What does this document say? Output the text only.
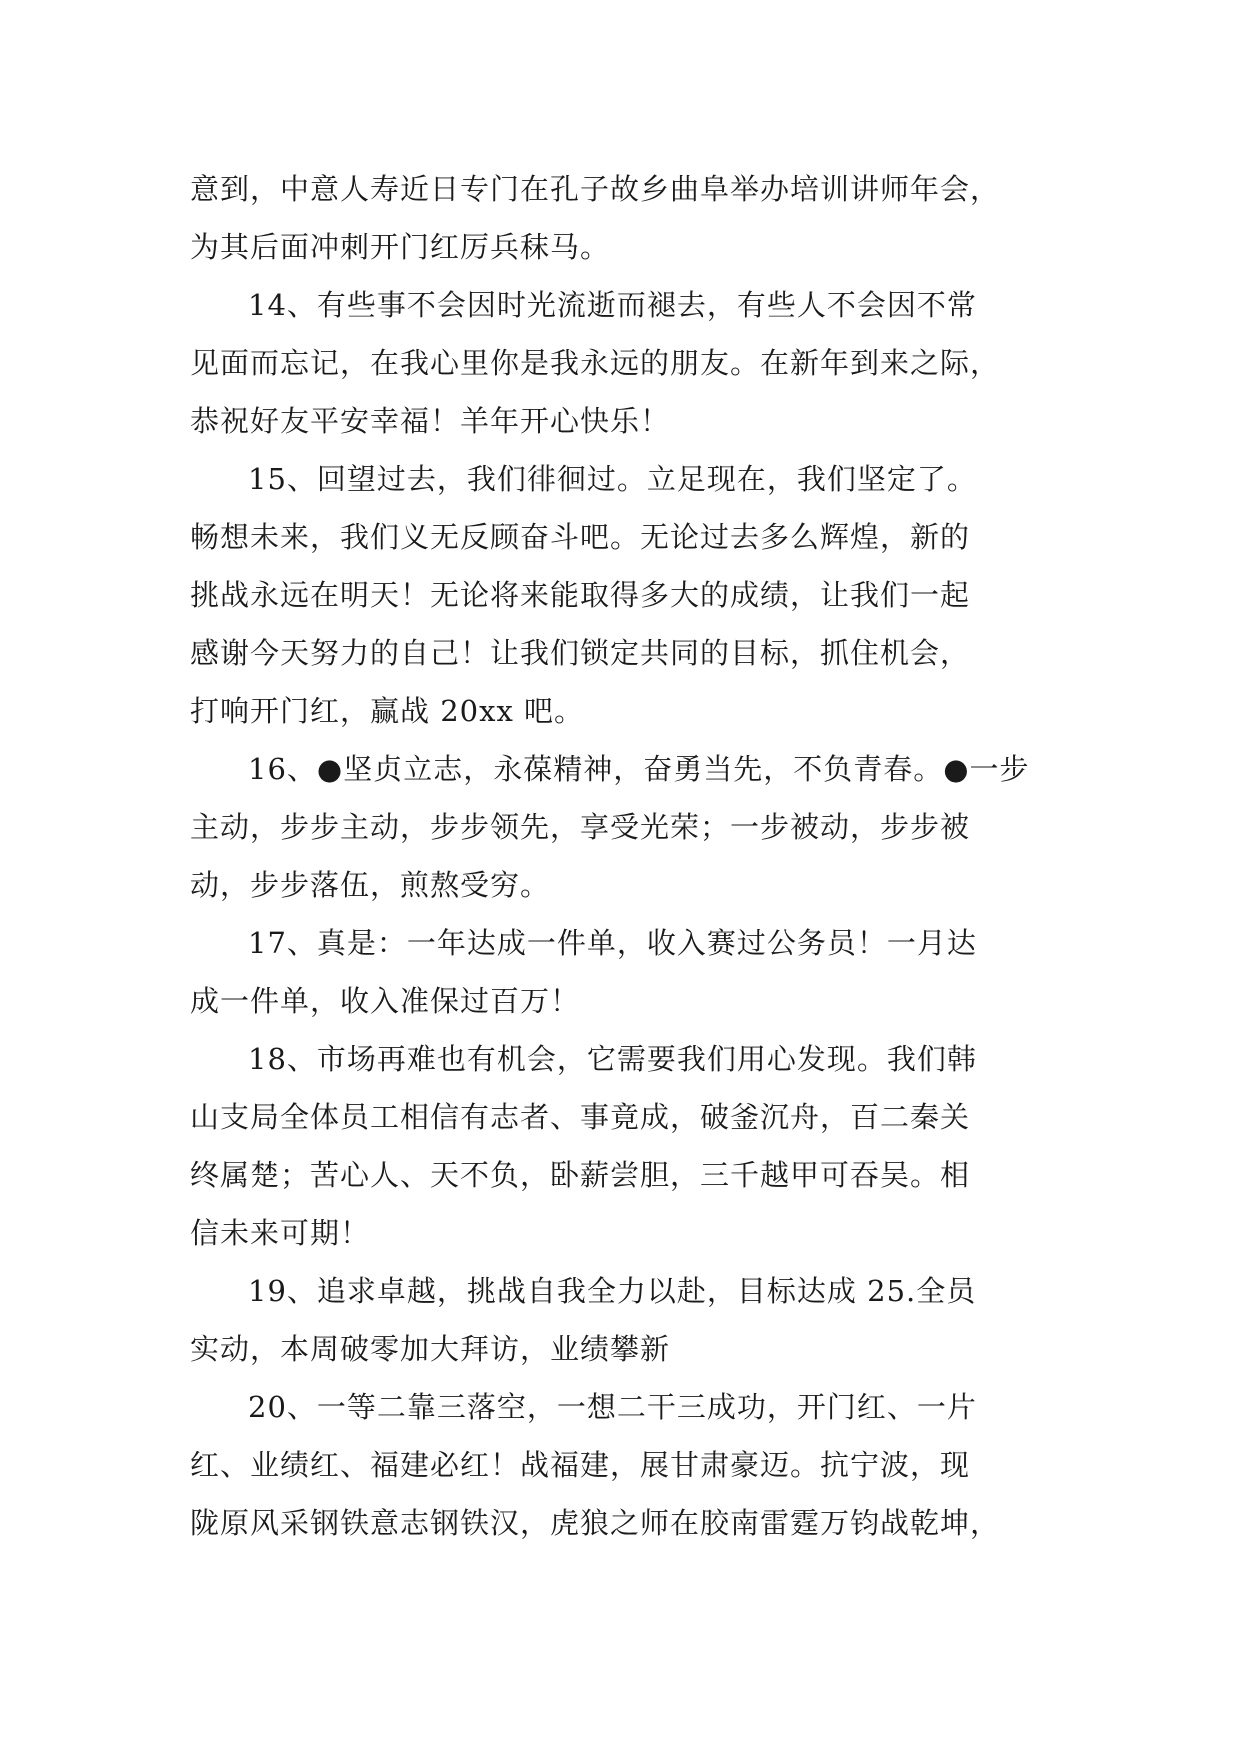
意到，中意人寿近日专门在孔子故乡曲阜举办培训讲师年会，
为其后面冲刺开门红厉兵秣马。
14、有些事不会因时光流逝而褪去，有些人不会因不常
见面而忘记，在我心里你是我永远的朋友。在新年到来之际，
恭祝好友平安幸福！羊年开心快乐！
15、回望过去，我们徘徊过。立足现在，我们坚定了。
畅想未来，我们义无反顾奋斗吧。无论过去多么辉煌，新的
挑战永远在明天！无论将来能取得多大的成绩，让我们一起
感谢今天努力的自己！让我们锁定共同的目标，抓住机会，
打响开门红，赢战 20xx 吧。
16、●坚贞立志，永葆精神，奋勇当先，不负青春。●一步
主动，步步主动，步步领先，享受光荣；一步被动，步步被
动，步步落伍，煎熬受穷。
17、真是：一年达成一件单，收入赛过公务员！一月达
成一件单，收入准保过百万！
18、市场再难也有机会，它需要我们用心发现。我们韩
山支局全体员工相信有志者、事竟成，破釜沉舟，百二秦关
终属楚；苦心人、天不负，卧薪尝胆，三千越甲可吞吴。相
信未来可期！
19、追求卓越，挑战自我全力以赴，目标达成 25.全员
实动，本周破零加大拜访，业绩攀新
20、一等二靠三落空，一想二干三成功，开门红、一片
红、业绩红、福建必红！战福建，展甘肃豪迈。抗宁波，现
陇原风采钢铁意志钢铁汉，虎狼之师在胶南雷霆万钧战乾坤，
